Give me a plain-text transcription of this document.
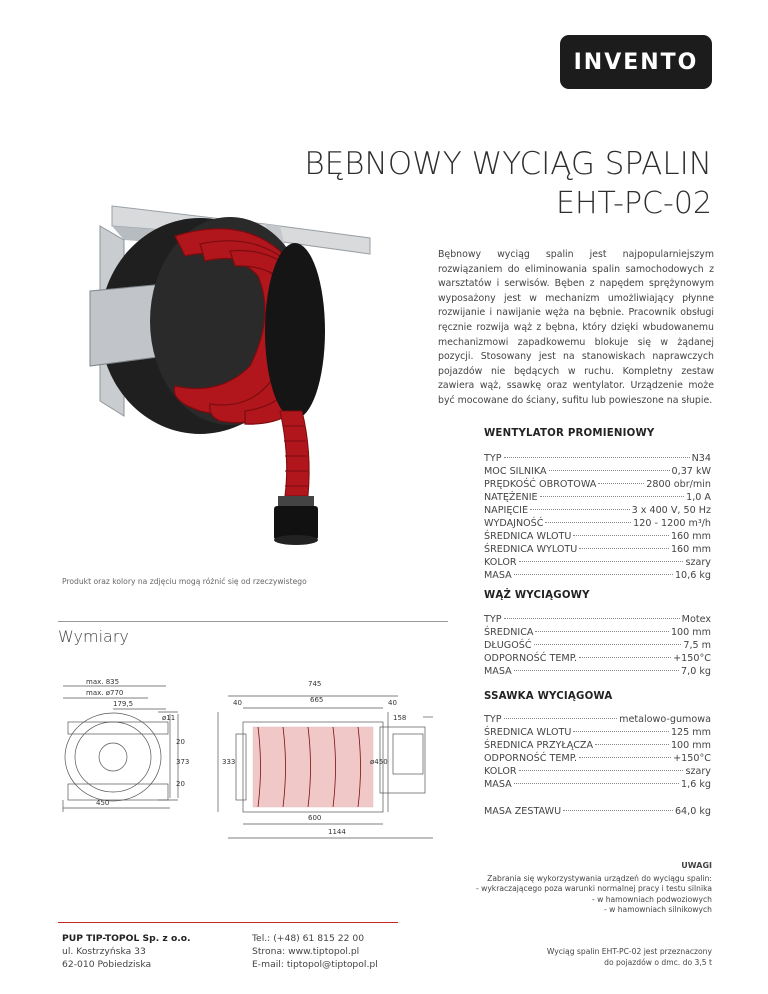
INVENTO
BĘBNOWY WYCIĄG SPALIN
EHT-PC-02
Bębnowy wyciąg spalin jest najpopularniejszym rozwiązaniem do eliminowania spalin samochodowych z warsztatów i serwisów. Bęben z napędem sprężynowym wyposażony jest w mechanizm umożliwiający płynne rozwijanie i nawijanie węża na bębnie. Pracownik obsługi ręcznie rozwija wąż z bębna, który dzięki wbudowanemu mechanizmowi zapadkowemu blokuje się w żądanej pozycji. Stosowany jest na stanowiskach naprawczych pojazdów nie będących w ruchu. Kompletny zestaw zawiera wąż, ssawkę oraz wentylator. Urządzenie może być mocowane do ściany, sufitu lub powieszone na słupie.
WENTYLATOR PROMIENIOWY
TYP	N34
MOC SILNIKA	0,37 kW
PRĘDKOŚĆ OBROTOWA	2800 obr/min
NATĘŻENIE	1,0 A
NAPIĘCIE	3 x 400 V, 50 Hz
WYDAJNOŚĆ	120 - 1200 m³/h
ŚREDNICA WLOTU	160 mm
ŚREDNICA WYLOTU	160 mm
KOLOR	szary
MASA	10,6 kg
Produkt oraz kolory na zdjęciu mogą różnić się od rzeczywistego
WĄŻ WYCIĄGOWY
TYP	Motex
ŚREDNICA	100 mm
DŁUGOŚĆ	7,5 m
ODPORNOŚĆ TEMP.	+150°C
MASA	7,0 kg
Wymiary
max. 835
max. ø770
179,5
ø11
20
373
20
450
745
40	665	40
158
333	ø450
600
1144
SSAWKA WYCIĄGOWA
TYP	metalowo-gumowa
ŚREDNICA WLOTU	125 mm
ŚREDNICA PRZYŁĄCZA	100 mm
ODPORNOŚĆ TEMP.	+150°C
KOLOR	szary
MASA	1,6 kg
MASA ZESTAWU	64,0 kg
UWAGI
Zabrania się wykorzystywania urządzeń do wyciągu spalin:
- wykraczającego poza warunki normalnej pracy i testu silnika
- w hamowniach podwoziowych
- w hamowniach silnikowych
PUP TIP-TOPOL Sp. z o.o.
ul. Kostrzyńska 33
62-010 Pobiedziska
Tel.: (+48) 61 815 22 00
Strona: www.tiptopol.pl
E-mail: tiptopol@tiptopol.pl
Wyciąg spalin EHT-PC-02 jest przeznaczony
do pojazdów o dmc. do 3,5 t
